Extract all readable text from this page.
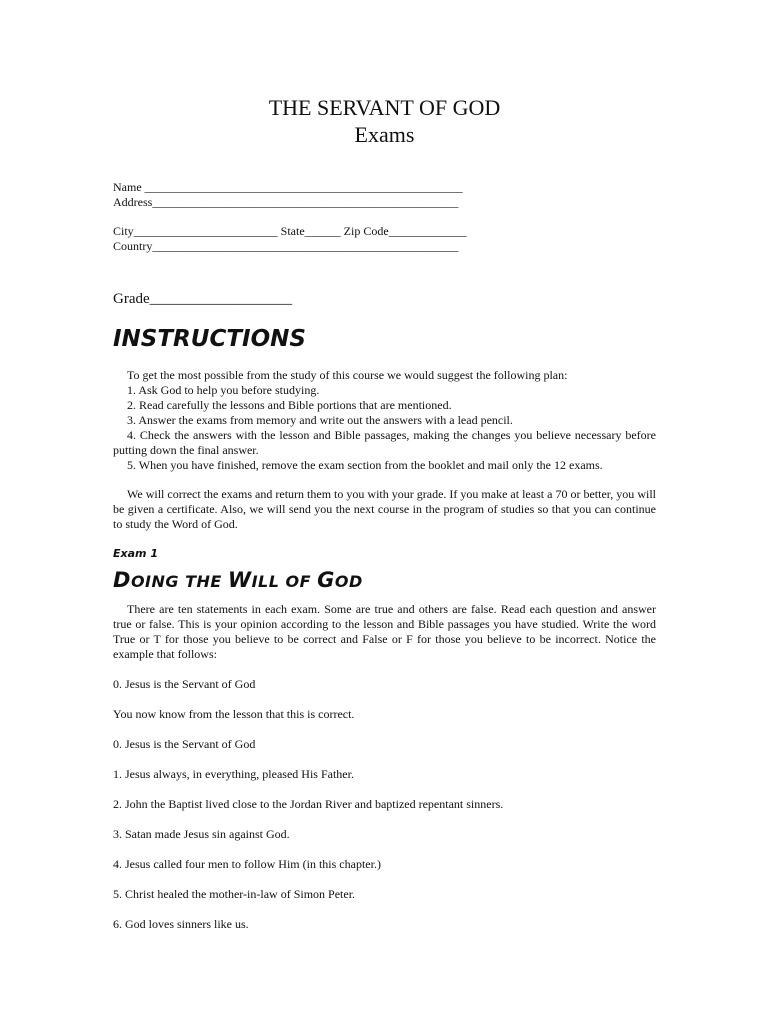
THE SERVANT OF GOD
Exams
Name _____________________________________________________
Address___________________________________________________
City________________________ State______ Zip Code_____________
Country___________________________________________________
Grade___________________
INSTRUCTIONS
To get the most possible from the study of this course we would suggest the following plan:
1. Ask God to help you before studying.
2. Read carefully the lessons and Bible portions that are mentioned.
3. Answer the exams from memory and write out the answers with a lead pencil.
4. Check the answers with the lesson and Bible passages, making the changes you believe necessary before putting down the final answer.
5. When you have finished, remove the exam section from the booklet and mail only the 12 exams.
We will correct the exams and return them to you with your grade. If you make at least a 70 or better, you will be given a certificate. Also, we will send you the next course in the program of studies so that you can continue to study the Word of God.
Exam 1
DOING THE WILL OF GOD
There are ten statements in each exam. Some are true and others are false. Read each question and answer true or false. This is your opinion according to the lesson and Bible passages you have studied. Write the word True or T for those you believe to be correct and False or F for those you believe to be incorrect. Notice the example that follows:
0. Jesus is the Servant of God
You now know from the lesson that this is correct.
0. Jesus is the Servant of God
1. Jesus always, in everything, pleased His Father.
2. John the Baptist lived close to the Jordan River and baptized repentant sinners.
3. Satan made Jesus sin against God.
4. Jesus called four men to follow Him (in this chapter.)
5. Christ healed the mother-in-law of Simon Peter.
6. God loves sinners like us.
